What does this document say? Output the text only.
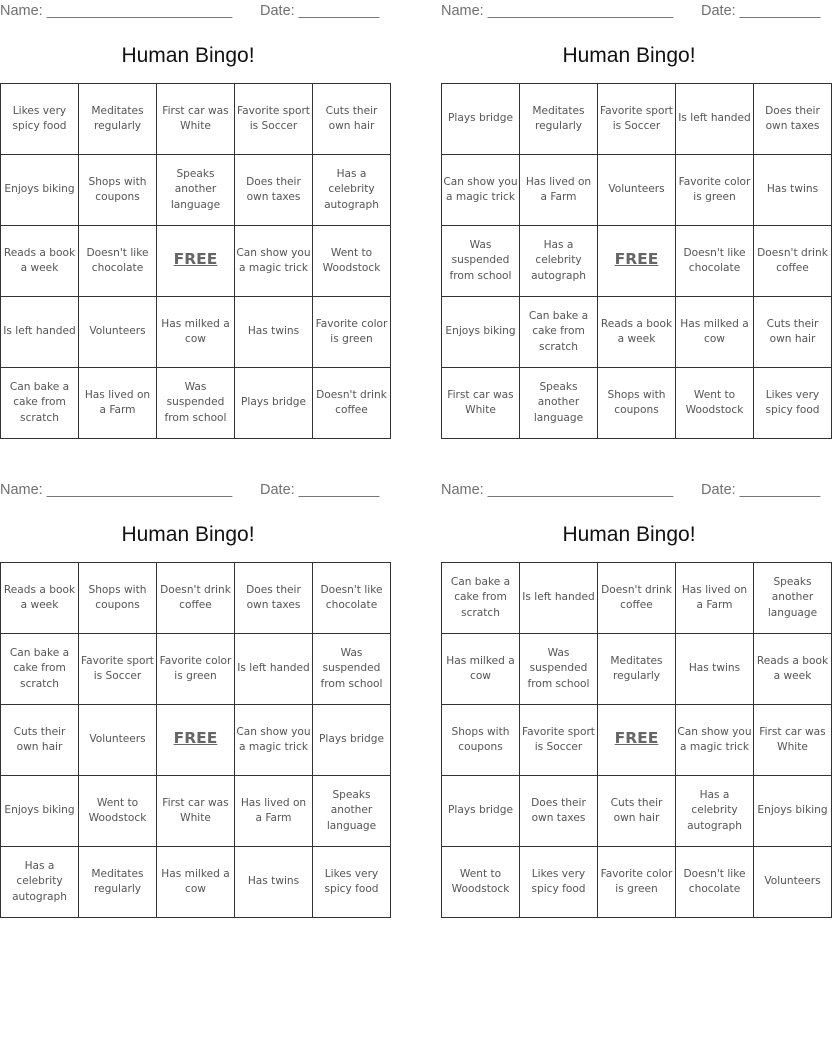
Name: _______________________ Date: __________
Human Bingo!
Likes very spicy food	Meditates regularly	First car was White	Favorite sport is Soccer	Cuts their own hair
Enjoys biking	Shops with coupons	Speaks another language	Does their own taxes	Has a celebrity autograph
Reads a book a week	Doesn't like chocolate	FREE	Can show you a magic trick	Went to Woodstock
Is left handed	Volunteers	Has milked a cow	Has twins	Favorite color is green
Can bake a cake from scratch	Has lived on a Farm	Was suspended from school	Plays bridge	Doesn't drink coffee
Name: _______________________ Date: __________
Human Bingo!
Plays bridge	Meditates regularly	Favorite sport is Soccer	Is left handed	Does their own taxes
Can show you a magic trick	Has lived on a Farm	Volunteers	Favorite color is green	Has twins
Was suspended from school	Has a celebrity autograph	FREE	Doesn't like chocolate	Doesn't drink coffee
Enjoys biking	Can bake a cake from scratch	Reads a book a week	Has milked a cow	Cuts their own hair
First car was White	Speaks another language	Shops with coupons	Went to Woodstock	Likes very spicy food
Name: _______________________ Date: __________
Human Bingo!
Reads a book a week	Shops with coupons	Doesn't drink coffee	Does their own taxes	Doesn't like chocolate
Can bake a cake from scratch	Favorite sport is Soccer	Favorite color is green	Is left handed	Was suspended from school
Cuts their own hair	Volunteers	FREE	Can show you a magic trick	Plays bridge
Enjoys biking	Went to Woodstock	First car was White	Has lived on a Farm	Speaks another language
Has a celebrity autograph	Meditates regularly	Has milked a cow	Has twins	Likes very spicy food
Name: _______________________ Date: __________
Human Bingo!
Can bake a cake from scratch	Is left handed	Doesn't drink coffee	Has lived on a Farm	Speaks another language
Has milked a cow	Was suspended from school	Meditates regularly	Has twins	Reads a book a week
Shops with coupons	Favorite sport is Soccer	FREE	Can show you a magic trick	First car was White
Plays bridge	Does their own taxes	Cuts their own hair	Has a celebrity autograph	Enjoys biking
Went to Woodstock	Likes very spicy food	Favorite color is green	Doesn't like chocolate	Volunteers
